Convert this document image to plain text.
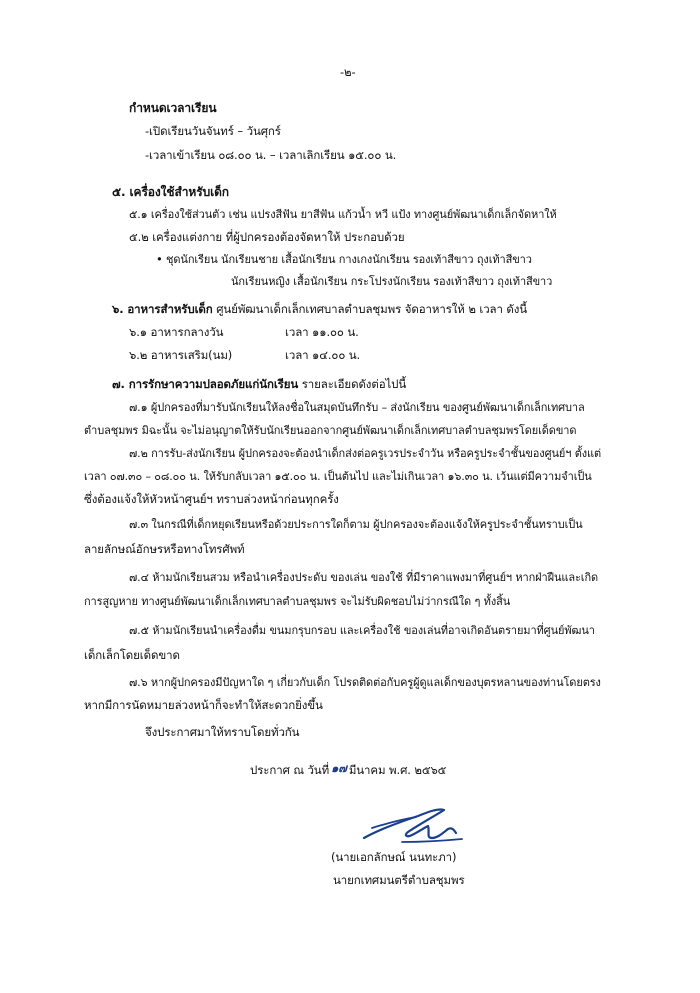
-๒-
กำหนดเวลาเรียน
-เปิดเรียนวันจันทร์ – วันศุกร์
-เวลาเข้าเรียน ๐๘.๐๐ น. – เวลาเลิกเรียน ๑๕.๐๐ น.
๕. เครื่องใช้สำหรับเด็ก
๕.๑ เครื่องใช้ส่วนตัว เช่น แปรงสีฟัน ยาสีฟัน แก้วน้ำ หวี แป้ง ทางศูนย์พัฒนาเด็กเล็กจัดหาให้
๕.๒ เครื่องแต่งกาย ที่ผู้ปกครองต้องจัดหาให้ ประกอบด้วย
• ชุดนักเรียน นักเรียนชาย เสื้อนักเรียน กางเกงนักเรียน รองเท้าสีขาว ถุงเท้าสีขาว
นักเรียนหญิง เสื้อนักเรียน กระโปรงนักเรียน รองเท้าสีขาว ถุงเท้าสีขาว
๖. อาหารสำหรับเด็ก ศูนย์พัฒนาเด็กเล็กเทศบาลตำบลชุมพร จัดอาหารให้ ๒ เวลา ดังนี้
๖.๑ อาหารกลางวัน	เวลา ๑๑.๐๐ น.
๖.๒ อาหารเสริม(นม)	เวลา ๑๔.๐๐ น.
๗. การรักษาความปลอดภัยแก่นักเรียน รายละเอียดดังต่อไปนี้
๗.๑ ผู้ปกครองที่มารับนักเรียนให้ลงชื่อในสมุดบันทึกรับ – ส่งนักเรียน ของศูนย์พัฒนาเด็กเล็กเทศบาล
ตำบลชุมพร มิฉะนั้น จะไม่อนุญาตให้รับนักเรียนออกจากศูนย์พัฒนาเด็กเล็กเทศบาลตำบลชุมพรโดยเด็ดขาด
๗.๒ การรับ-ส่งนักเรียน ผู้ปกครองจะต้องนำเด็กส่งต่อครูเวรประจำวัน หรือครูประจำชั้นของศูนย์ฯ ตั้งแต่
เวลา ๐๗.๓๐ – ๐๘.๐๐ น. ให้รับกลับเวลา ๑๕.๐๐ น. เป็นต้นไป และไม่เกินเวลา ๑๖.๓๐ น. เว้นแต่มีความจำเป็น
ซึ่งต้องแจ้งให้หัวหน้าศูนย์ฯ ทราบล่วงหน้าก่อนทุกครั้ง
๗.๓ ในกรณีที่เด็กหยุดเรียนหรือด้วยประการใดก็ตาม ผู้ปกครองจะต้องแจ้งให้ครูประจำชั้นทราบเป็น
ลายลักษณ์อักษรหรือทางโทรศัพท์
๗.๔ ห้ามนักเรียนสวม หรือนำเครื่องประดับ ของเล่น ของใช้ ที่มีราคาแพงมาที่ศูนย์ฯ หากฝ่าฝืนและเกิด
การสูญหาย ทางศูนย์พัฒนาเด็กเล็กเทศบาลตำบลชุมพร จะไม่รับผิดชอบไม่ว่ากรณีใด ๆ ทั้งสิ้น
๗.๕ ห้ามนักเรียนนำเครื่องดื่ม ขนมกรุบกรอบ และเครื่องใช้ ของเล่นที่อาจเกิดอันตรายมาที่ศูนย์พัฒนา
เด็กเล็กโดยเด็ดขาด
๗.๖ หากผู้ปกครองมีปัญหาใด ๆ เกี่ยวกับเด็ก โปรดติดต่อกับครูผู้ดูแลเด็กของบุตรหลานของท่านโดยตรง
หากมีการนัดหมายล่วงหน้าก็จะทำให้สะดวกยิ่งขึ้น
จึงประกาศมาให้ทราบโดยทั่วกัน
ประกาศ ณ วันที่ ๑๗ มีนาคม พ.ศ. ๒๕๖๕
(นายเอกลักษณ์ นนทะภา)
นายกเทศมนตรีตำบลชุมพร
